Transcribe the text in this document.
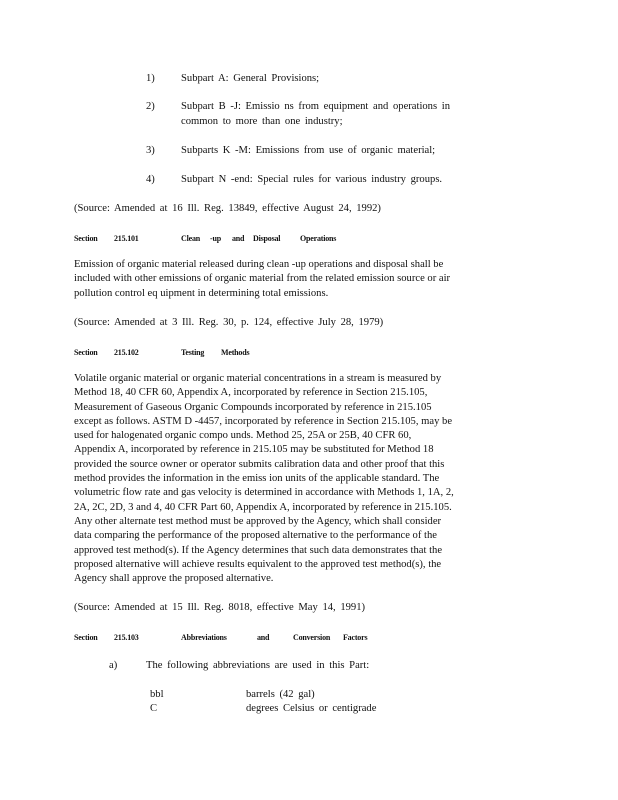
1) Subpart A: General Provisions;
2) Subpart B -J: Emissio ns from equipment and operations in
common to more than one industry;
3) Subparts K -M: Emissions from use of organic material;
4) Subpart N -end: Special rules for various industry groups.
(Source: Amended at 16 Ill. Reg. 13849, effective August 24, 1992)
Section 215.101	Clean -up and Disposal Operations
Emission of organic material released during clean -up operations and disposal shall be
included with other emissions of organic material from the related emission source or air
pollution control eq uipment in determining total emissions.
(Source: Amended at 3 Ill. Reg. 30, p. 124, effective July 28, 1979)
Section 215.102	Testing Methods
Volatile organic material or organic material concentrations in a stream is measured by
Method 18, 40 CFR 60, Appendix A, incorporated by reference in Section 215.105,
Measurement of Gaseous Organic Compounds incorporated by reference in 215.105
except as follows. ASTM D -4457, incorporated by reference in Section 215.105, may be
used for halogenated organic compo unds. Method 25, 25A or 25B, 40 CFR 60,
Appendix A, incorporated by reference in 215.105 may be substituted for Method 18
provided the source owner or operator submits calibration data and other proof that this
method provides the information in the emiss ion units of the applicable standard. The
volumetric flow rate and gas velocity is determined in accordance with Methods 1, 1A, 2,
2A, 2C, 2D, 3 and 4, 40 CFR Part 60, Appendix A, incorporated by reference in 215.105.
Any other alternate test method must be approved by the Agency, which shall consider
data comparing the performance of the proposed alternative to the performance of the
approved test method(s). If the Agency determines that such data demonstrates that the
proposed alternative will achieve results equivalent to the approved test method(s), the
Agency shall approve the proposed alternative.
(Source: Amended at 15 Ill. Reg. 8018, effective May 14, 1991)
Section 215.103	Abbreviations	and	Conversion Factors
a)	The following abbreviations are used in this Part:
bbl	barrels (42 gal)
C	degrees Celsius or centigrade
